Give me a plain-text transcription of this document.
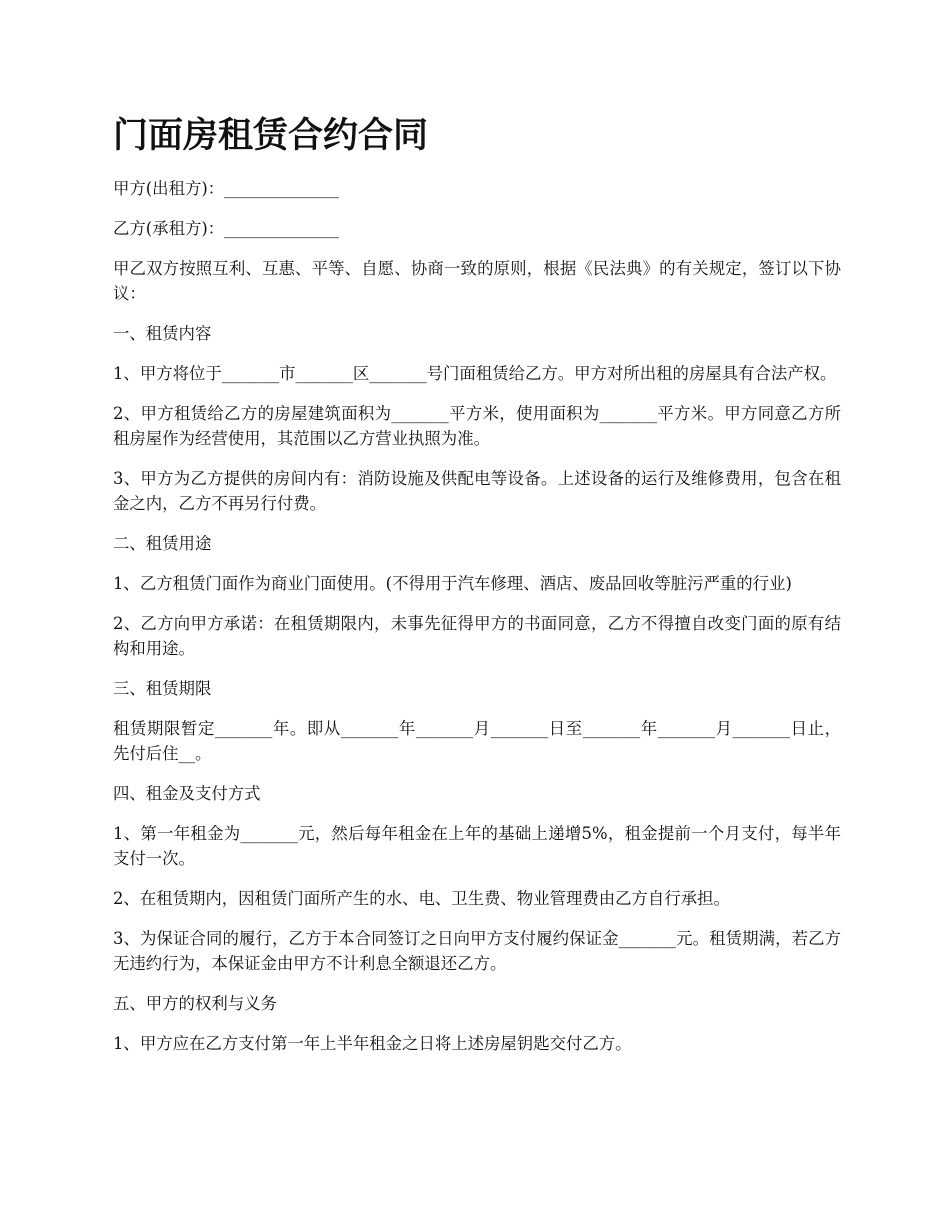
门面房租赁合约合同

甲方(出租方)：______________

乙方(承租方)：______________

甲乙双方按照互利、互惠、平等、自愿、协商一致的原则，根据《民法典》的有关规定，签订以下协议：

一、租赁内容

1、甲方将位于_______市_______区_______号门面租赁给乙方。甲方对所出租的房屋具有合法产权。

2、甲方租赁给乙方的房屋建筑面积为_______平方米，使用面积为_______平方米。甲方同意乙方所租房屋作为经营使用，其范围以乙方营业执照为准。

3、甲方为乙方提供的房间内有：消防设施及供配电等设备。上述设备的运行及维修费用，包含在租金之内，乙方不再另行付费。

二、租赁用途

1、乙方租赁门面作为商业门面使用。(不得用于汽车修理、酒店、废品回收等脏污严重的行业)

2、乙方向甲方承诺：在租赁期限内，未事先征得甲方的书面同意，乙方不得擅自改变门面的原有结构和用途。

三、租赁期限

租赁期限暂定_______年。即从_______年_______月_______日至_______年_______月_______日止，先付后住__。

四、租金及支付方式

1、第一年租金为_______元，然后每年租金在上年的基础上递增5%，租金提前一个月支付，每半年支付一次。

2、在租赁期内，因租赁门面所产生的水、电、卫生费、物业管理费由乙方自行承担。

3、为保证合同的履行，乙方于本合同签订之日向甲方支付履约保证金_______元。租赁期满，若乙方无违约行为，本保证金由甲方不计利息全额退还乙方。

五、甲方的权利与义务

1、甲方应在乙方支付第一年上半年租金之日将上述房屋钥匙交付乙方。
